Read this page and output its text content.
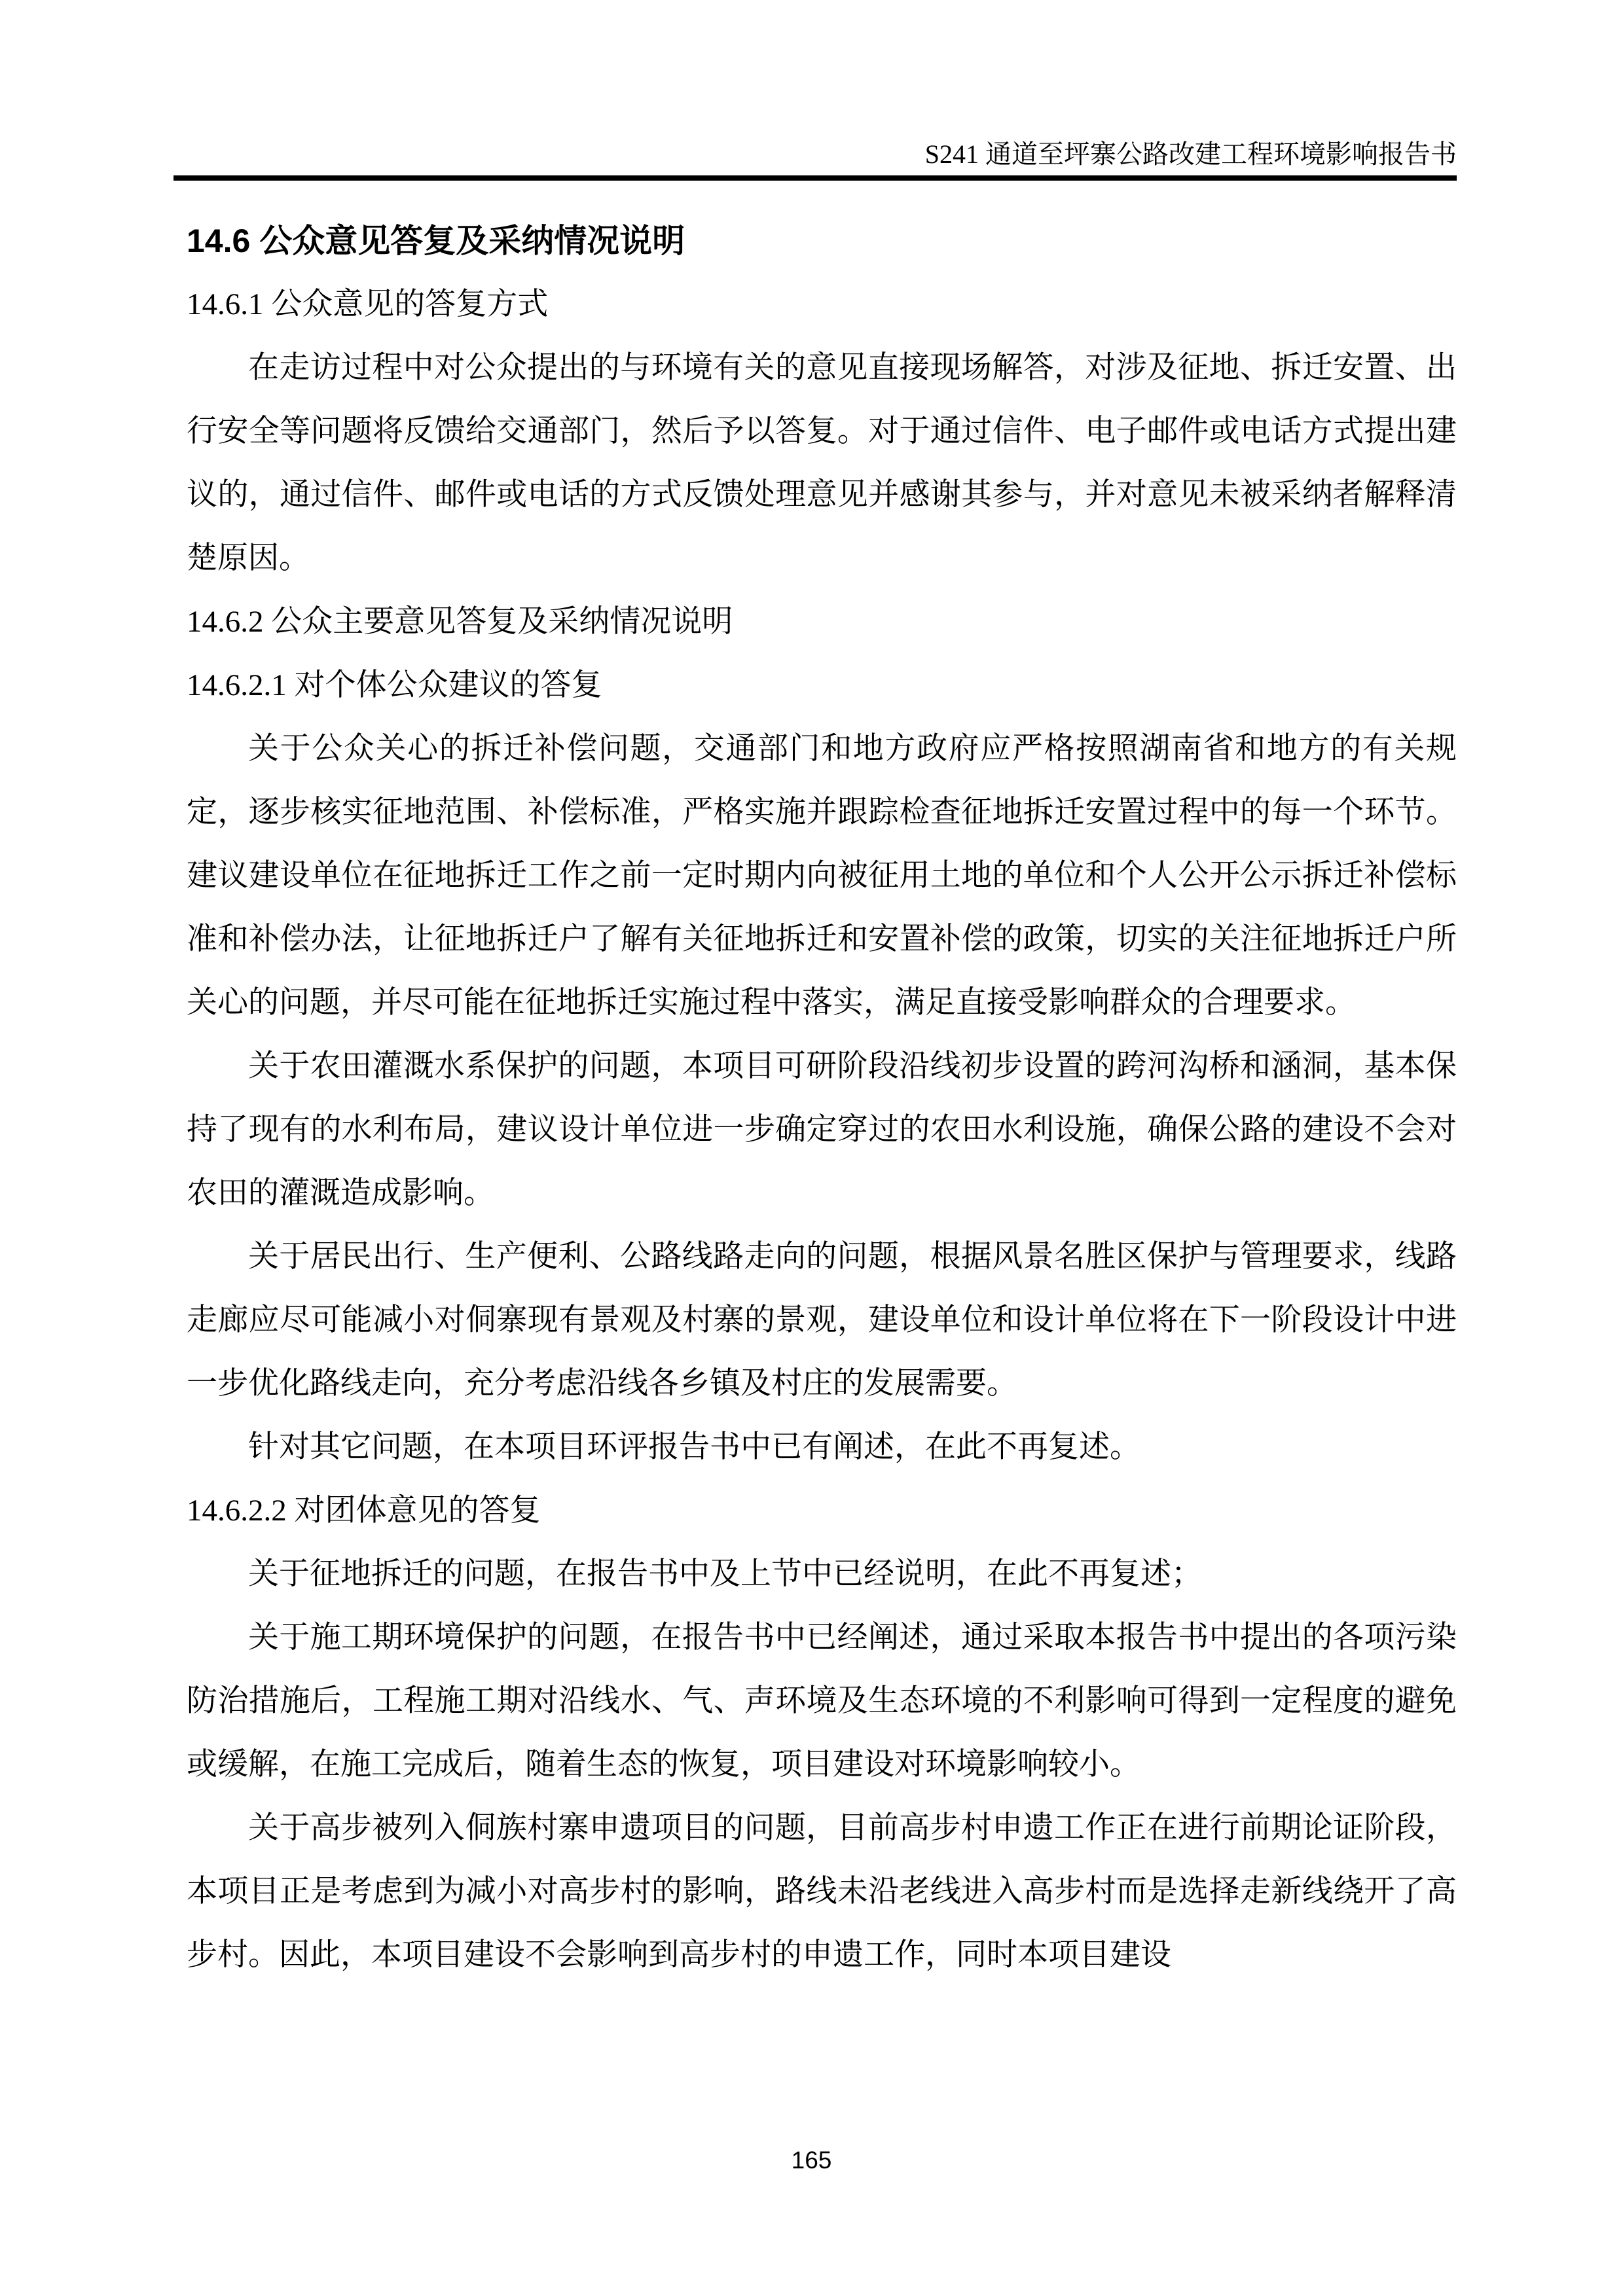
S241 通道至坪寨公路改建工程环境影响报告书
14.6 公众意见答复及采纳情况说明
14.6.1 公众意见的答复方式

在走访过程中对公众提出的与环境有关的意见直接现场解答，对涉及征地、拆迁安置、出行安全等问题将反馈给交通部门，然后予以答复。对于通过信件、电子邮件或电话方式提出建议的，通过信件、邮件或电话的方式反馈处理意见并感谢其参与，并对意见未被采纳者解释清楚原因。

14.6.2 公众主要意见答复及采纳情况说明
14.6.2.1 对个体公众建议的答复

关于公众关心的拆迁补偿问题，交通部门和地方政府应严格按照湖南省和地方的有关规定，逐步核实征地范围、补偿标准，严格实施并跟踪检查征地拆迁安置过程中的每一个环节。建议建设单位在征地拆迁工作之前一定时期内向被征用土地的单位和个人公开公示拆迁补偿标准和补偿办法，让征地拆迁户了解有关征地拆迁和安置补偿的政策，切实的关注征地拆迁户所关心的问题，并尽可能在征地拆迁实施过程中落实，满足直接受影响群众的合理要求。

关于农田灌溉水系保护的问题，本项目可研阶段沿线初步设置的跨河沟桥和涵洞，基本保持了现有的水利布局，建议设计单位进一步确定穿过的农田水利设施，确保公路的建设不会对农田的灌溉造成影响。

关于居民出行、生产便利、公路线路走向的问题，根据风景名胜区保护与管理要求，线路走廊应尽可能减小对侗寨现有景观及村寨的景观，建设单位和设计单位将在下一阶段设计中进一步优化路线走向，充分考虑沿线各乡镇及村庄的发展需要。

针对其它问题，在本项目环评报告书中已有阐述，在此不再复述。

14.6.2.2 对团体意见的答复

关于征地拆迁的问题，在报告书中及上节中已经说明，在此不再复述；

关于施工期环境保护的问题，在报告书中已经阐述，通过采取本报告书中提出的各项污染防治措施后，工程施工期对沿线水、气、声环境及生态环境的不利影响可得到一定程度的避免或缓解，在施工完成后，随着生态的恢复，项目建设对环境影响较小。

关于高步被列入侗族村寨申遗项目的问题，目前高步村申遗工作正在进行前期论证阶段，本项目正是考虑到为减小对高步村的影响，路线未沿老线进入高步村而是选择走新线绕开了高步村。因此，本项目建设不会影响到高步村的申遗工作，同时本项目建设

165
